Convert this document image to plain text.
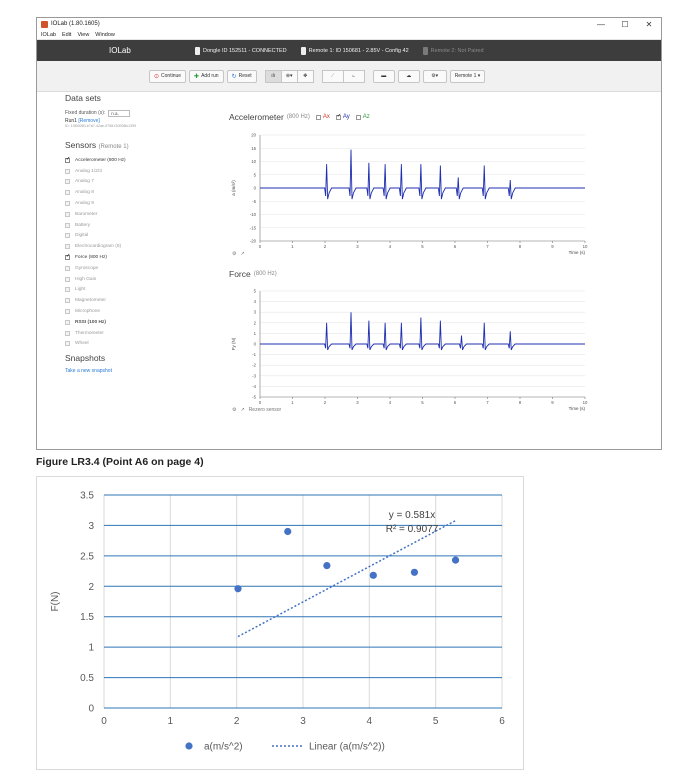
IOLab (1.80.1605)	—	☐	✕
IOLab Edit View Window
IOLab	Dongle ID 152511 - CONNECTED	Remote 1: ID 150681 - 2.85V - Config 42	Remote 2: Not Paired
⊙ Continue ✚ Add run ↻ Reset	ılı ⊕▾ ✥	⟋	⟀	▬	☁	⚙▾	Remote 1 ▾
Data sets
Fixed duration (s):	n.a.
Run1 [Remove]
ID: 13f00060-b7a7-42ae-9708-f10008fc1399
Sensors (Remote 1)
✔
Accelerometer (800 Hz)
Analog 1/2/3
Analog 7
Analog 8
Analog 9
Barometer
Battery
Digital
Electrocardiogram (9)
✔
Force (800 Hz)
Gyroscope
High Gain
Light
Magnetometer
Microphone
RSSI (100 Hz)
Thermometer
Wheel
Snapshots
Take a new snapshot
Accelerometer (800 Hz) Ax
✔ Ay Az
-20
-15
-10
-5
0
5
10
15
20
0	1	2	3	4	5	6	7	8	9	10
Time (s)
a (m/s²)
⚙ ↗
Force (800 Hz)
-5
-4
-3
-2
-1
0
1
2
3
4
5
0	1	2	3	4	5	6	7	8	9	10
Time (s)
Fy (N)
⚙ ↗ Rezero sensor
Figure LR3.4 (Point A6 on page 4)
0	1	2	3	4	5	6
0
0.5
1
1.5
2
2.5
3
3.5
F(N)
y = 0.581x
R² = 0.9077
a(m/s^2)	Linear (a(m/s^2))
